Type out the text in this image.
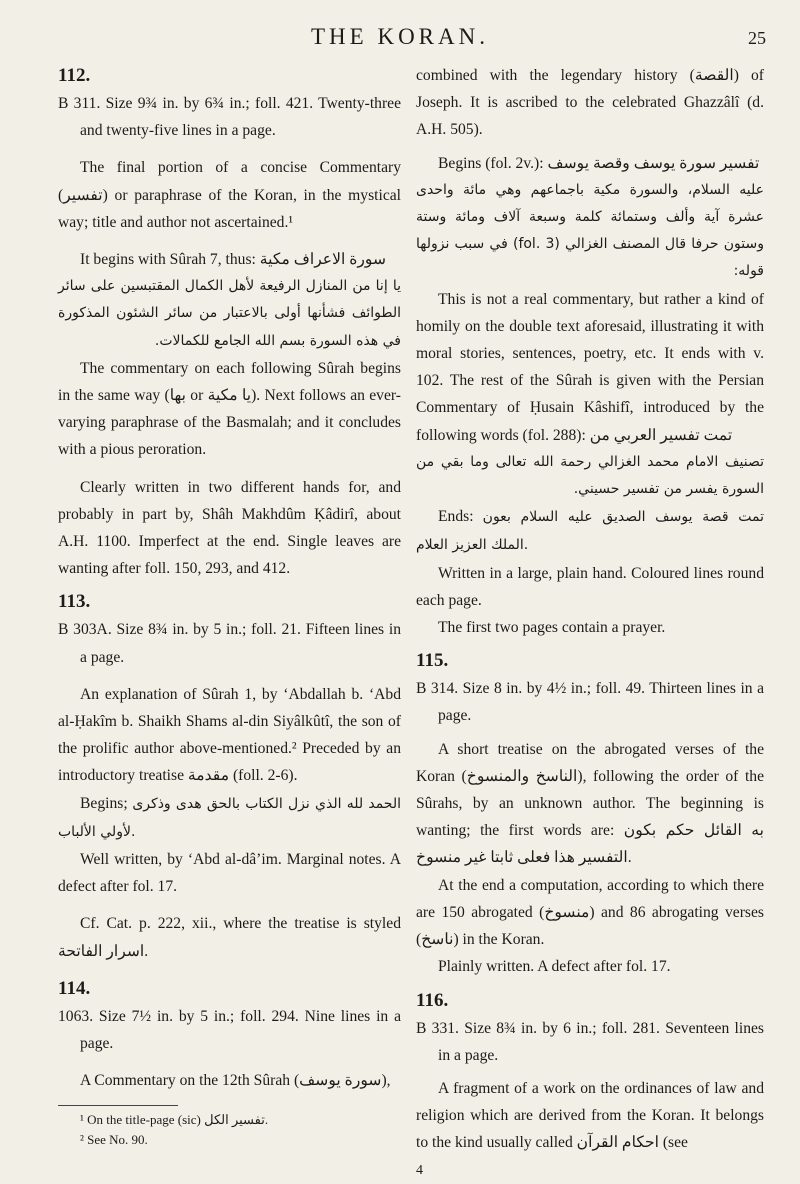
THE KORAN.	25

112.

B 311. Size 9¾ in. by 6¾ in.; foll. 421. Twenty-three and twenty-five lines in a page.

The final portion of a concise Commentary (تفسير) or paraphrase of the Koran, in the mystical way; title and author not ascertained.¹

It begins with Sûrah 7, thus: سورة الاعراف مكية

يا إنا من المنازل الرفيعة لأهل الكمال المقتبسين على سائر الطوائف فشأنها أولى بالاعتبار من سائر الشئون المذكورة في هذه السورة بسم الله الجامع للكمالات.

The commentary on each following Sûrah begins in the same way (بها or يا مكية). Next follows an ever-varying paraphrase of the Basmalah; and it concludes with a pious peroration.

Clearly written in two different hands for, and probably in part by, Shâh Makhdûm Ḳâdirî, about A.H. 1100. Imperfect at the end. Single leaves are wanting after foll. 150, 293, and 412.

113.

B 303A. Size 8¾ in. by 5 in.; foll. 21. Fifteen lines in a page.

An explanation of Sûrah 1, by ‘Abdallah b. ‘Abd al-Ḥakîm b. Shaikh Shams al-din Siyâlkûtî, the son of the prolific author above-mentioned.² Preceded by an introductory treatise مقدمة (foll. 2-6).

Begins; الحمد لله الذي نزل الكتاب بالحق هدى وذكرى لأولي الألباب.

Well written, by ‘Abd al-dâ’im. Marginal notes. A defect after fol. 17.

Cf. Cat. p. 222, xii., where the treatise is styled اسرار الفاتحة.

114.

1063. Size 7½ in. by 5 in.; foll. 294. Nine lines in a page.

A Commentary on the 12th Sûrah (سورة يوسف),

¹ On the title-page (sic) تفسير الكل.

² See No. 90.

combined with the legendary history (القصة) of Joseph. It is ascribed to the celebrated Ghazzâlî (d. A.H. 505).

Begins (fol. 2v.): تفسير سورة يوسف وقصة يوسف

عليه السلام، والسورة مكية باجماعهم وهي مائة واحدى عشرة آية وألف وستمائة كلمة وسبعة آلاف ومائة وستة وستون حرفا قال المصنف الغزالي (fol. 3) في سبب نزولها قوله:

This is not a real commentary, but rather a kind of homily on the double text aforesaid, illustrating it with moral stories, sentences, poetry, etc. It ends with v. 102. The rest of the Sûrah is given with the Persian Commentary of Ḥusain Kâshifî, introduced by the following words (fol. 288): تمت تفسير العربي من

تصنيف الامام محمد الغزالي رحمة الله تعالى وما بقي من السورة يفسر من تفسير حسيني.

Ends: تمت قصة يوسف الصديق عليه السلام بعون الملك العزيز العلام.

Written in a large, plain hand. Coloured lines round each page.

The first two pages contain a prayer.

115.

B 314. Size 8 in. by 4½ in.; foll. 49. Thirteen lines in a page.

A short treatise on the abrogated verses of the Koran (الناسخ والمنسوخ), following the order of the Sûrahs, by an unknown author. The beginning is wanting; the first words are: به القائل حكم بكون التفسير هذا فعلى ثابتا غير منسوخ.

At the end a computation, according to which there are 150 abrogated (منسوخ) and 86 abrogating verses (ناسخ) in the Koran.

Plainly written. A defect after fol. 17.

116.

B 331. Size 8¾ in. by 6 in.; foll. 281. Seventeen lines in a page.

A fragment of a work on the ordinances of law and religion which are derived from the Koran. It belongs to the kind usually called احكام القرآن (see

4
